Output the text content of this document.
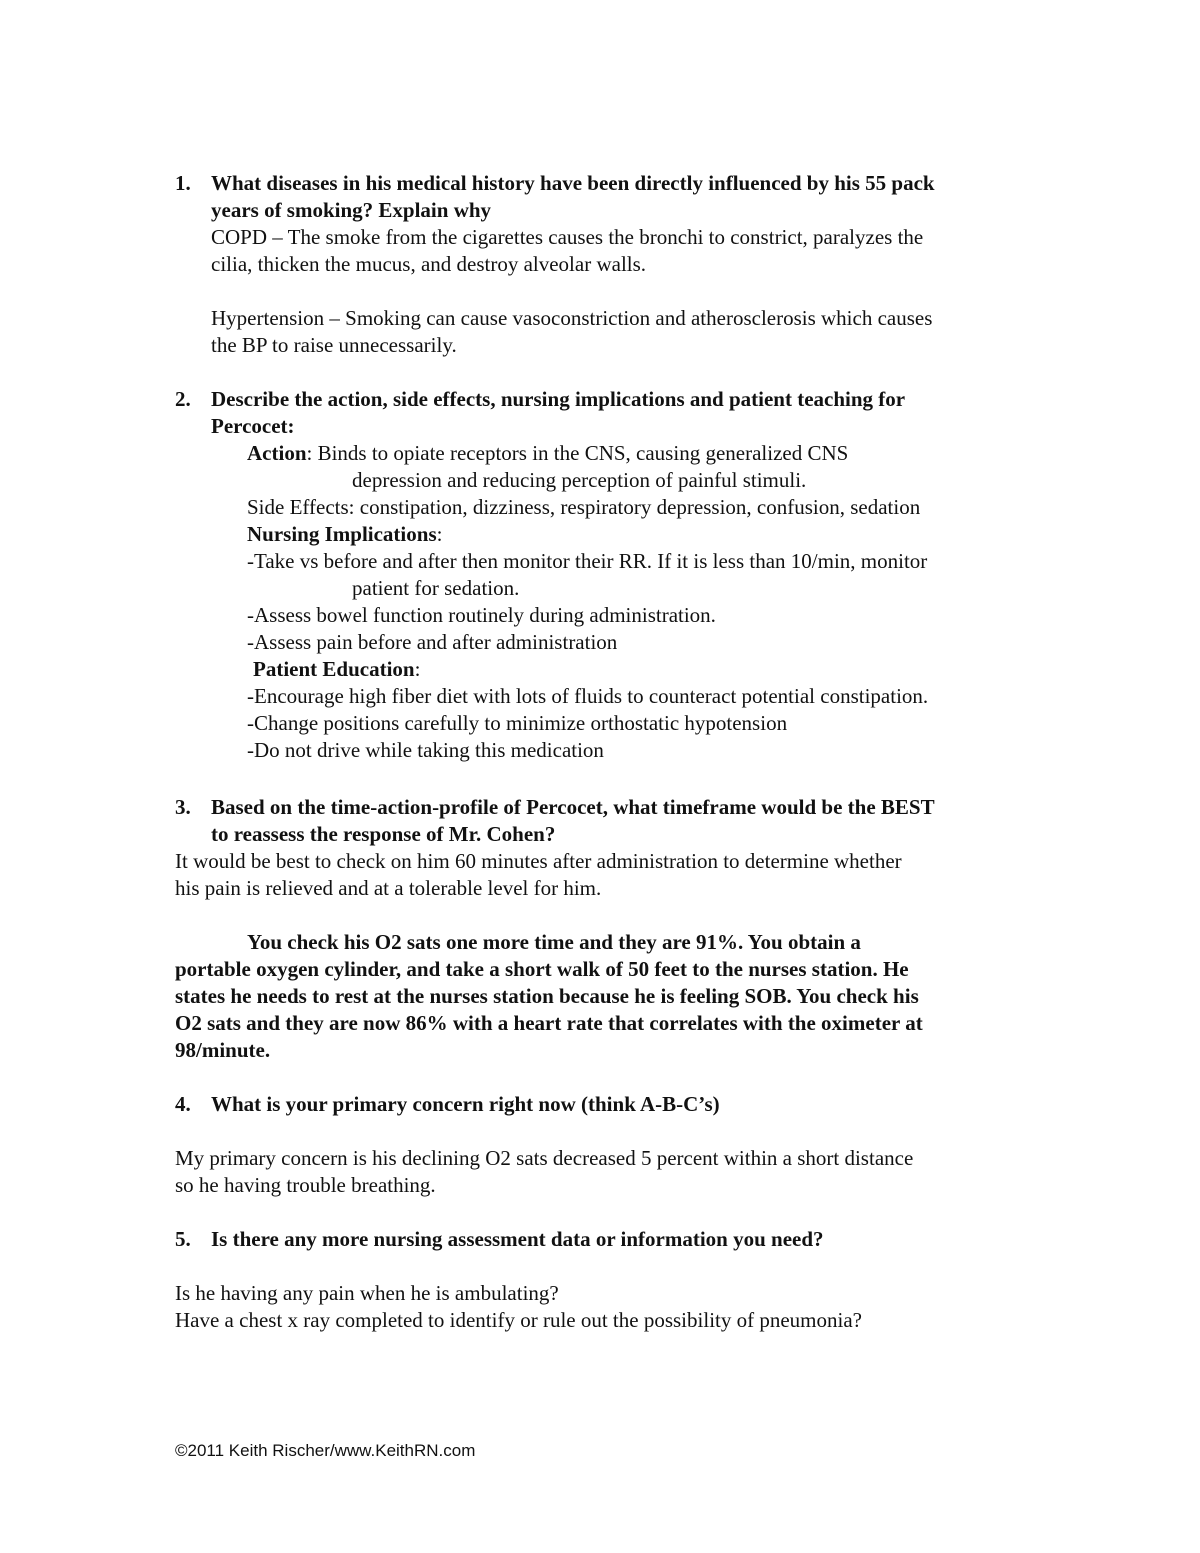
1. What diseases in his medical history have been directly influenced by his 55 pack
years of smoking? Explain why
COPD – The smoke from the cigarettes causes the bronchi to constrict, paralyzes the
cilia, thicken the mucus, and destroy alveolar walls.
Hypertension – Smoking can cause vasoconstriction and atherosclerosis which causes
the BP to raise unnecessarily.
2. Describe the action, side effects, nursing implications and patient teaching for
Percocet:
Action: Binds to opiate receptors in the CNS, causing generalized CNS
depression and reducing perception of painful stimuli.
Side Effects: constipation, dizziness, respiratory depression, confusion, sedation
Nursing Implications:
-Take vs before and after then monitor their RR. If it is less than 10/min, monitor
patient for sedation.
-Assess bowel function routinely during administration.
-Assess pain before and after administration
Patient Education:
-Encourage high fiber diet with lots of fluids to counteract potential constipation.
-Change positions carefully to minimize orthostatic hypotension
-Do not drive while taking this medication
3. Based on the time-action-profile of Percocet, what timeframe would be the BEST
to reassess the response of Mr. Cohen?
It would be best to check on him 60 minutes after administration to determine whether
his pain is relieved and at a tolerable level for him.
You check his O2 sats one more time and they are 91%. You obtain a
portable oxygen cylinder, and take a short walk of 50 feet to the nurses station. He
states he needs to rest at the nurses station because he is feeling SOB. You check his
O2 sats and they are now 86% with a heart rate that correlates with the oximeter at
98/minute.
4. What is your primary concern right now (think A-B-C’s)
My primary concern is his declining O2 sats decreased 5 percent within a short distance
so he having trouble breathing.
5. Is there any more nursing assessment data or information you need?
Is he having any pain when he is ambulating?
Have a chest x ray completed to identify or rule out the possibility of pneumonia?
©2011 Keith Rischer/www.KeithRN.com
